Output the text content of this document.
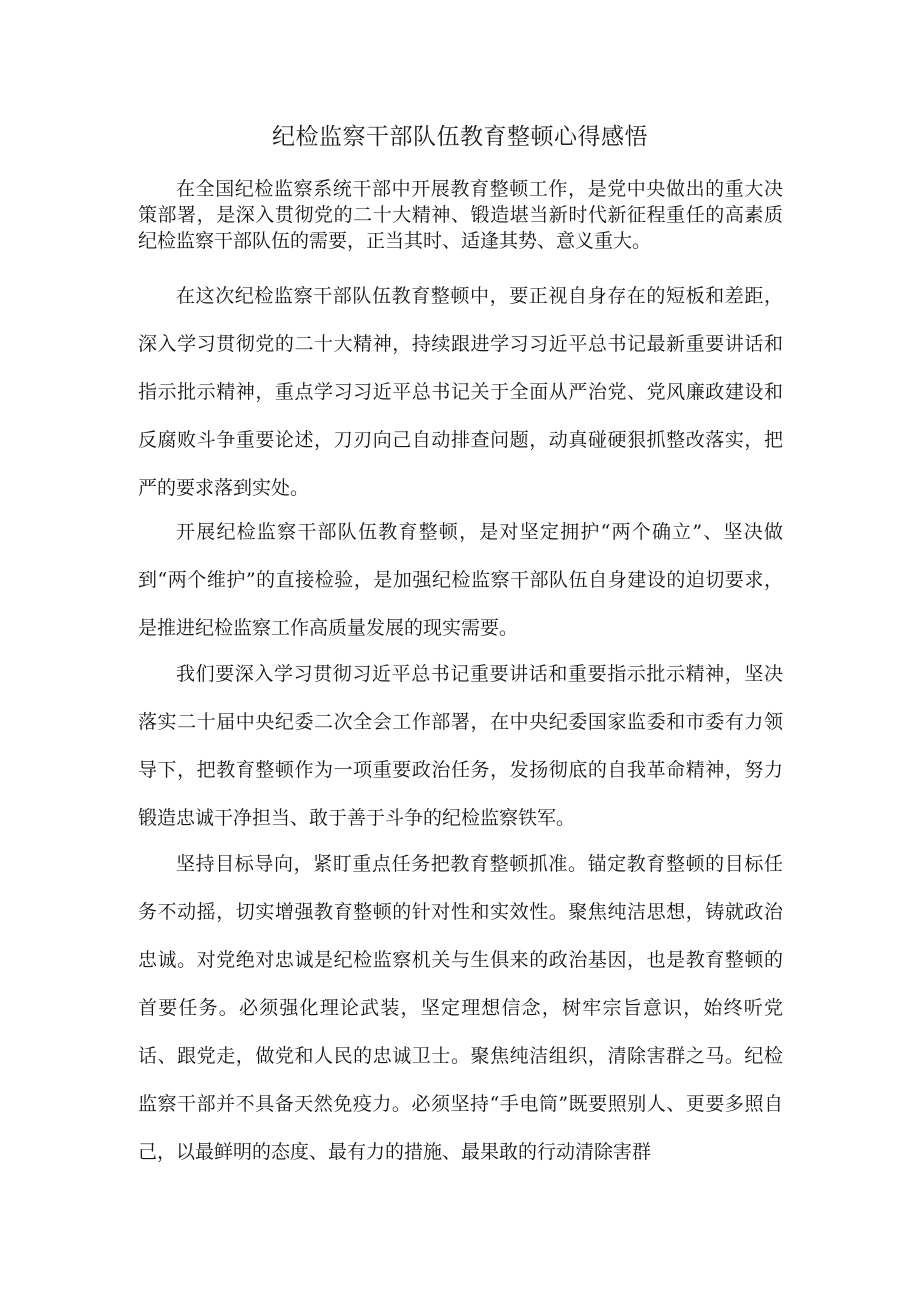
纪检监察干部队伍教育整顿心得感悟

在全国纪检监察系统干部中开展教育整顿工作，是党中央做出的重大决策部署，是深入贯彻党的二十大精神、锻造堪当新时代新征程重任的高素质纪检监察干部队伍的需要，正当其时、适逢其势、意义重大。

在这次纪检监察干部队伍教育整顿中，要正视自身存在的短板和差距，深入学习贯彻党的二十大精神，持续跟进学习习近平总书记最新重要讲话和指示批示精神，重点学习习近平总书记关于全面从严治党、党风廉政建设和反腐败斗争重要论述，刀刃向己自动排查问题，动真碰硬狠抓整改落实，把严的要求落到实处。

开展纪检监察干部队伍教育整顿，是对坚定拥护“两个确立”、坚决做到“两个维护”的直接检验，是加强纪检监察干部队伍自身建设的迫切要求，是推进纪检监察工作高质量发展的现实需要。

我们要深入学习贯彻习近平总书记重要讲话和重要指示批示精神，坚决落实二十届中央纪委二次全会工作部署，在中央纪委国家监委和市委有力领导下，把教育整顿作为一项重要政治任务，发扬彻底的自我革命精神，努力锻造忠诚干净担当、敢于善于斗争的纪检监察铁军。

坚持目标导向，紧盯重点任务把教育整顿抓准。锚定教育整顿的目标任务不动摇，切实增强教育整顿的针对性和实效性。聚焦纯洁思想，铸就政治忠诚。对党绝对忠诚是纪检监察机关与生俱来的政治基因，也是教育整顿的首要任务。必须强化理论武装，坚定理想信念，树牢宗旨意识，始终听党话、跟党走，做党和人民的忠诚卫士。聚焦纯洁组织，清除害群之马。纪检监察干部并不具备天然免疫力。必须坚持“手电筒”既要照别人、更要多照自己，以最鲜明的态度、最有力的措施、最果敢的行动清除害群
